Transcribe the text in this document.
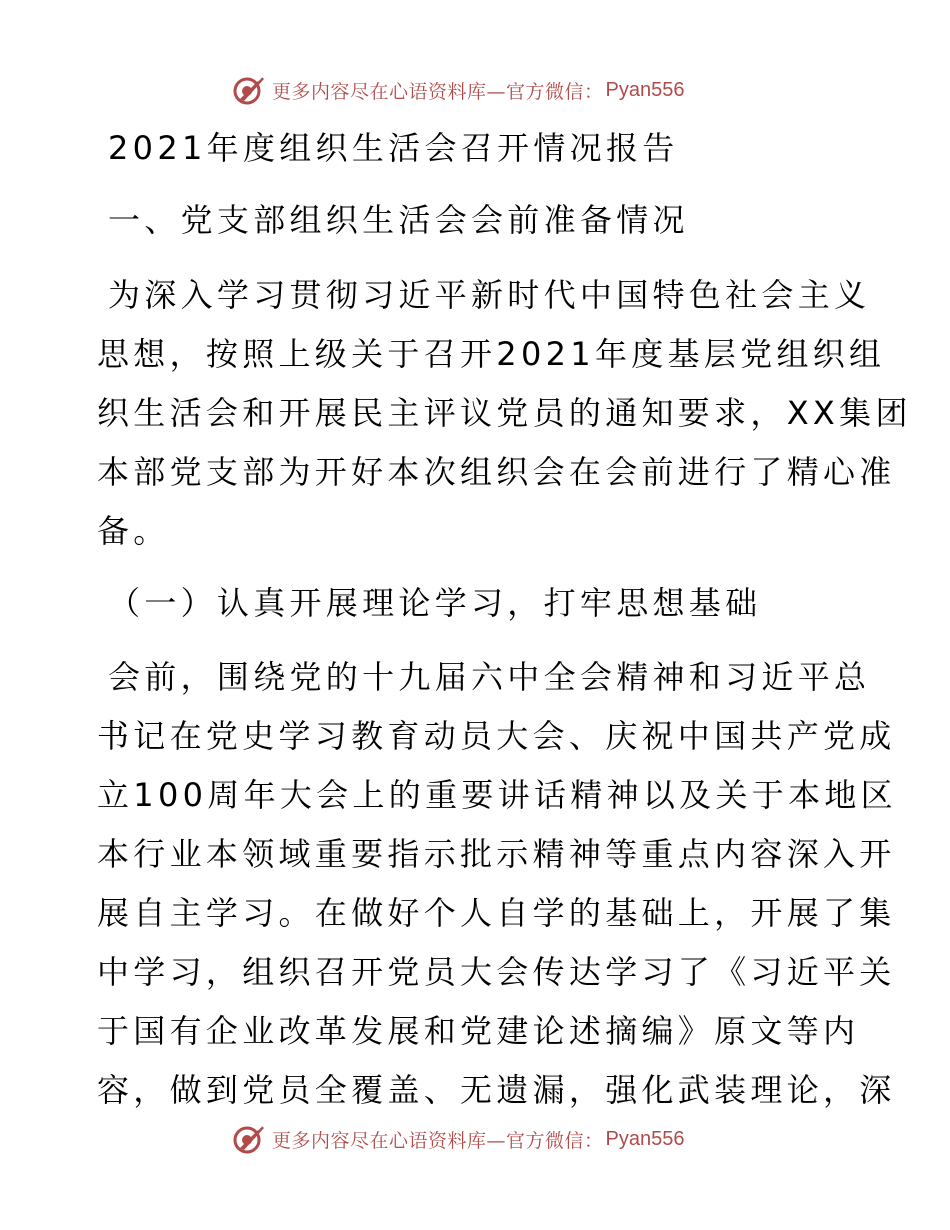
更多内容尽在心语资料库—官方微信： Pyan556
2021年度组织生活会召开情况报告
一、党支部组织生活会会前准备情况
为深入学习贯彻习近平新时代中国特色社会主义
思想，按照上级关于召开2021年度基层党组织组
织生活会和开展民主评议党员的通知要求，XX集团
本部党支部为开好本次组织会在会前进行了精心准
备。
（一）认真开展理论学习，打牢思想基础
会前，围绕党的十九届六中全会精神和习近平总
书记在党史学习教育动员大会、庆祝中国共产党成
立100周年大会上的重要讲话精神以及关于本地区
本行业本领域重要指示批示精神等重点内容深入开
展自主学习。在做好个人自学的基础上，开展了集
中学习，组织召开党员大会传达学习了《习近平关
于国有企业改革发展和党建论述摘编》原文等内
容，做到党员全覆盖、无遗漏，强化武装理论，深
更多内容尽在心语资料库—官方微信： Pyan556
